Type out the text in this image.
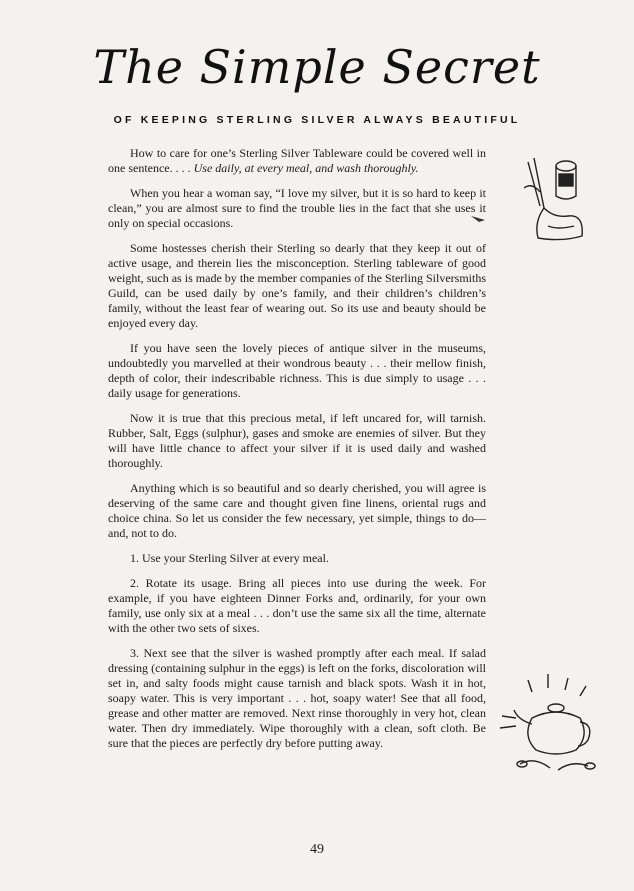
The Simple Secret
OF KEEPING STERLING SILVER ALWAYS BEAUTIFUL

How to care for one’s Sterling Silver Tableware could be covered well in one sentence. . . . Use daily, at every meal, and wash thoroughly.

When you hear a woman say, “I love my silver, but it is so hard to keep it clean,” you are almost sure to find the trouble lies in the fact that she uses it only on special occasions.

Some hostesses cherish their Sterling so dearly that they keep it out of active usage, and therein lies the misconception. Sterling tableware of good weight, such as is made by the member companies of the Sterling Silversmiths Guild, can be used daily by one’s family, and their children’s children’s family, without the least fear of wearing out. So its use and beauty should be enjoyed every day.

If you have seen the lovely pieces of antique silver in the museums, undoubtedly you marvelled at their wondrous beauty . . . their mellow finish, depth of color, their indescribable richness. This is due simply to usage . . . daily usage for generations.

Now it is true that this precious metal, if left uncared for, will tarnish. Rubber, Salt, Eggs (sulphur), gases and smoke are enemies of silver. But they will have little chance to affect your silver if it is used daily and washed thoroughly.

Anything which is so beautiful and so dearly cherished, you will agree is deserving of the same care and thought given fine linens, oriental rugs and choice china. So let us consider the few necessary, yet simple, things to do—and, not to do.

1. Use your Sterling Silver at every meal.

2. Rotate its usage. Bring all pieces into use during the week. For example, if you have eighteen Dinner Forks and, ordinarily, for your own family, use only six at a meal . . . don’t use the same six all the time, alternate with the other two sets of sixes.

3. Next see that the silver is washed promptly after each meal. If salad dressing (containing sulphur in the eggs) is left on the forks, discoloration will set in, and salty foods might cause tarnish and black spots. Wash it in hot, soapy water. This is very important . . . hot, soapy water! See that all food, grease and other matter are removed. Next rinse thoroughly in very hot, clean water. Then dry immediately. Wipe thoroughly with a clean, soft cloth. Be sure that the pieces are perfectly dry before putting away.

49
